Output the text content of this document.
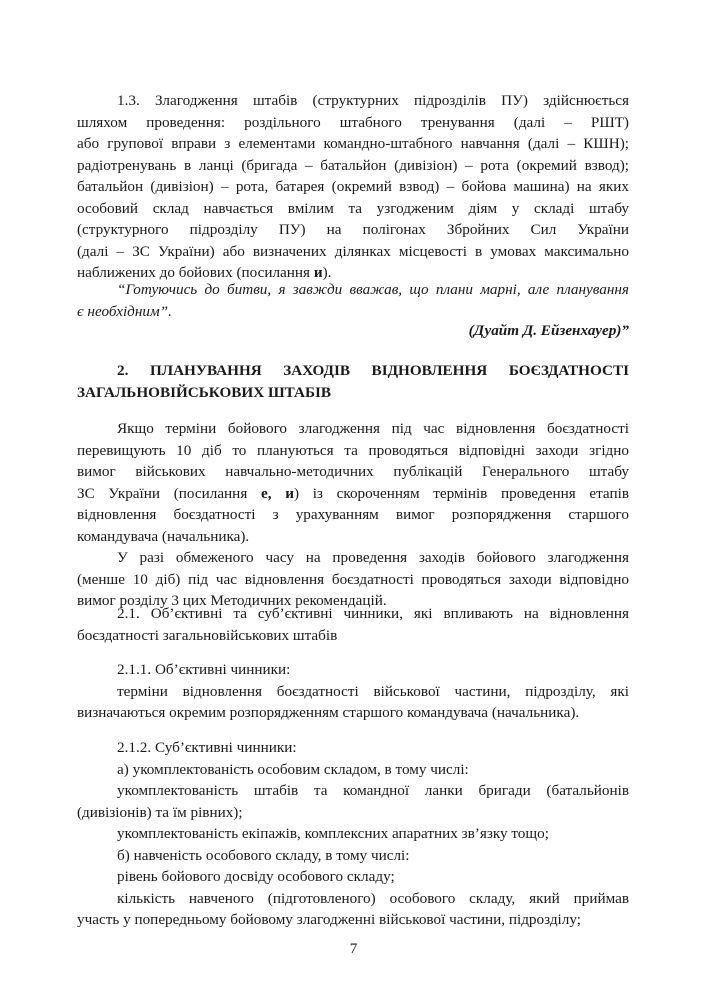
1.3. Злагодження штабів (структурних підрозділів ПУ) здійснюється
шляхом проведення: роздільного штабного тренування (далі – РШТ)
або групової вправи з елементами командно-штабного навчання (далі – КШН);
радіотренувань в ланці (бригада – батальйон (дивізіон) – рота (окремий взвод);
батальйон (дивізіон) – рота, батарея (окремий взвод) – бойова машина) на яких
особовий склад навчається вмілим та узгодженим діям у складі штабу
(структурного підрозділу ПУ) на полігонах Збройних Сил України
(далі – ЗС України) або визначених ділянках місцевості в умовах максимально
наближених до бойових (посилання и).
“Готуючись до битви, я завжди вважав, що плани марні, але планування
є необхідним”.
(Дуайт Д. Ейзенхауер)”
2. ПЛАНУВАННЯ ЗАХОДІВ ВІДНОВЛЕННЯ БОЄЗДАТНОСТІ
ЗАГАЛЬНОВІЙСЬКОВИХ ШТАБІВ
Якщо терміни бойового злагодження під час відновлення боєздатності
перевищують 10 діб то плануються та проводяться відповідні заходи згідно
вимог військових навчально-методичних публікацій Генерального штабу
ЗС України (посилання е, и) із скороченням термінів проведення етапів
відновлення боєздатності з урахуванням вимог розпорядження старшого
командувача (начальника).
У разі обмеженого часу на проведення заходів бойового злагодження
(менше 10 діб) під час відновлення боєздатності проводяться заходи відповідно
вимог розділу 3 цих Методичних рекомендацій.
2.1. Об’єктивні та суб’єктивні чинники, які впливають на відновлення
боєздатності загальновійськових штабів
2.1.1. Об’єктивні чинники:
терміни відновлення боєздатності військової частини, підрозділу, які
визначаються окремим розпорядженням старшого командувача (начальника).
2.1.2. Суб’єктивні чинники:
а) укомплектованість особовим складом, в тому числі:
укомплектованість штабів та командної ланки бригади (батальйонів
(дивізіонів) та їм рівних);
укомплектованість екіпажів, комплексних апаратних зв’язку тощо;
б) навченість особового складу, в тому числі:
рівень бойового досвіду особового складу;
кількість навченого (підготовленого) особового складу, який приймав
участь у попередньому бойовому злагодженні військової частини, підрозділу;
7
